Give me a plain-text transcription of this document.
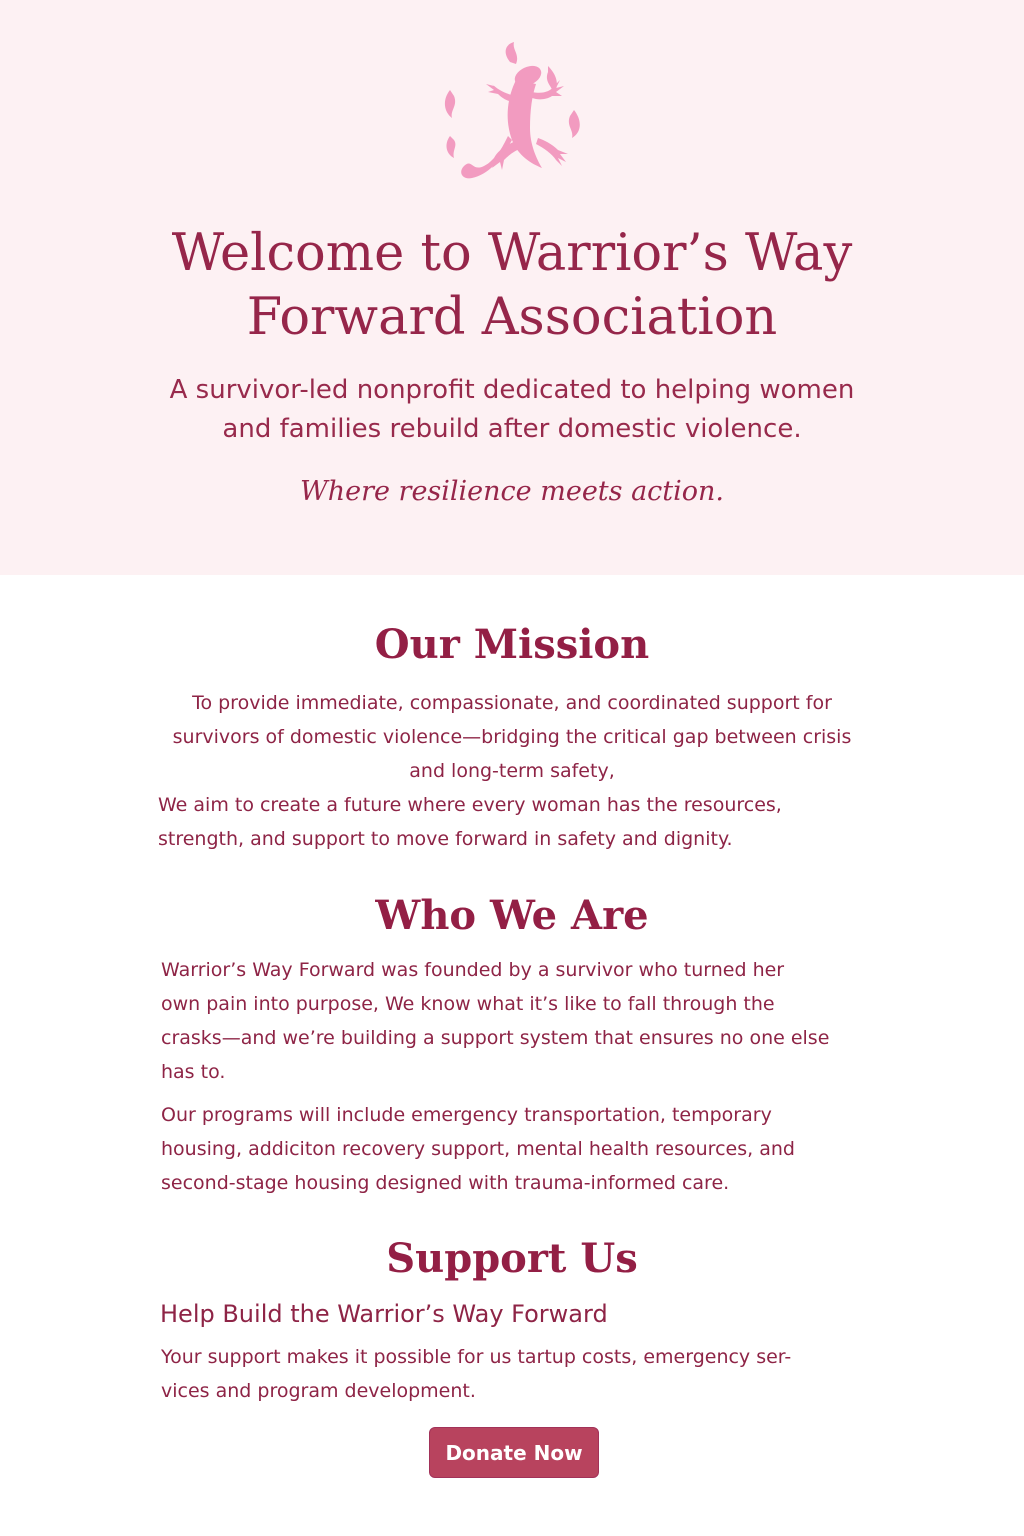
Welcome to Warrior’s Way
Forward Association

A survivor-led nonprofit dedicated to helping women
and families rebuild after domestic violence.

Where resilience meets action.

Our Mission

To provide immediate, compassionate, and coordinated support for
survivors of domestic violence—bridging the critical gap between crisis
and long-term safety,

We aim to create a future where every woman has the resources,
strength, and support to move forward in safety and dignity.

Who We Are

Warrior’s Way Forward was founded by a survivor who turned her
own pain into purpose, We know what it’s like to fall through the
crasks—and we’re building a support system that ensures no one else
has to.

Our programs will include emergency transportation, temporary
housing, addiciton recovery support, mental health resources, and
second-stage housing designed with trauma-informed care.

Support Us
Help Build the Warrior’s Way Forward

Your support makes it possible for us tartup costs, emergency ser-
vices and program development.

Donate Now
